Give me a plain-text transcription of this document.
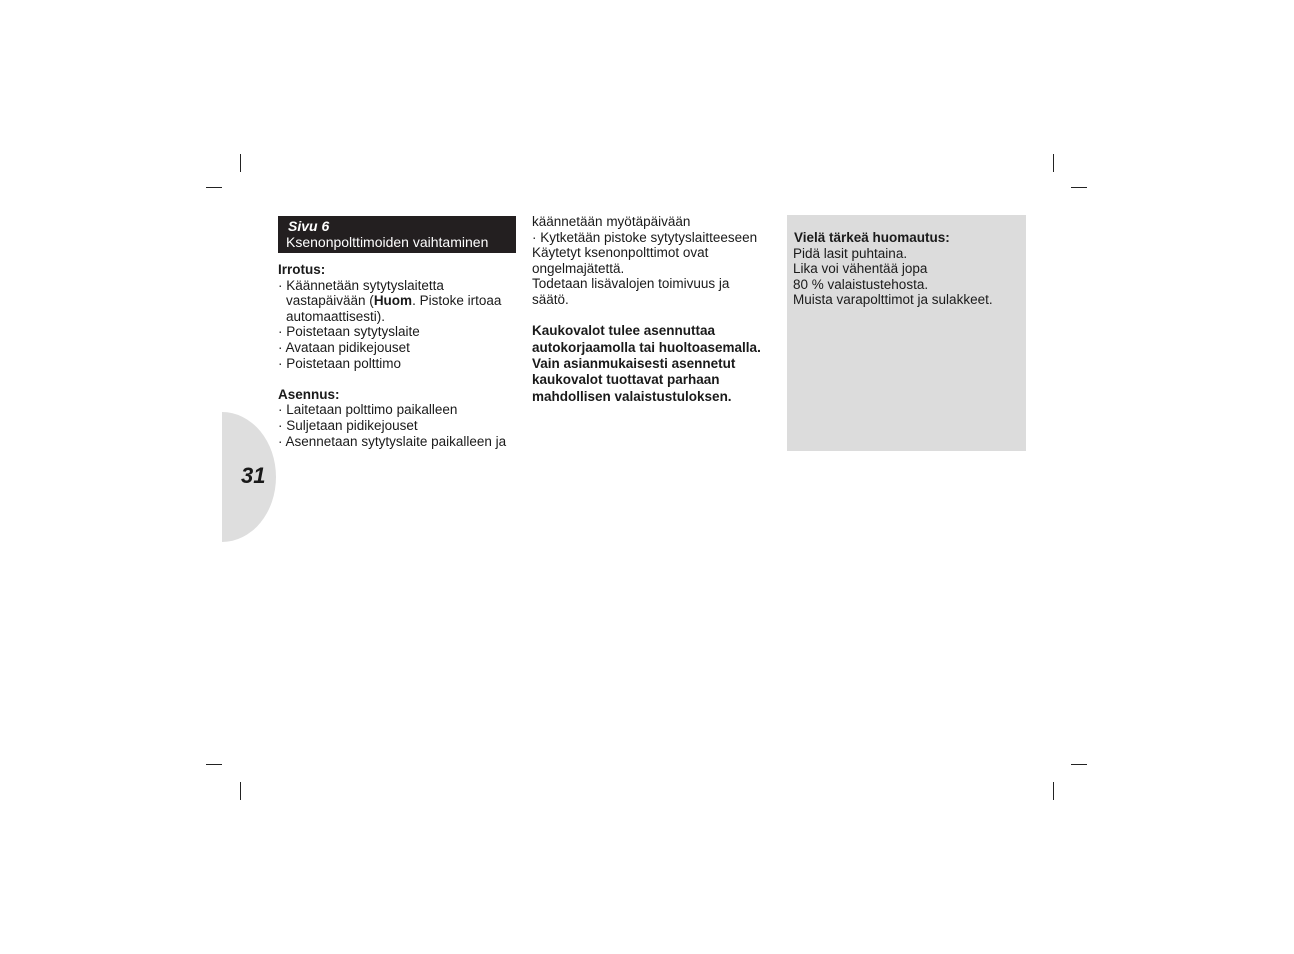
31
Sivu 6
Ksenonpolttimoiden vaihtaminen
Irrotus:
· Käännetään sytytyslaitetta
vastapäivään (Huom. Pistoke irtoaa
automaattisesti).
· Poistetaan sytytyslaite
· Avataan pidikejouset
· Poistetaan polttimo
Asennus:
· Laitetaan polttimo paikalleen
· Suljetaan pidikejouset
· Asennetaan sytytyslaite paikalleen ja
käännetään myötäpäivään
· Kytketään pistoke sytytyslaitteeseen
Käytetyt ksenonpolttimot ovat
ongelmajätettä.
Todetaan lisävalojen toimivuus ja
säätö.
Kaukovalot tulee asennuttaa
autokorjaamolla tai huoltoasemalla.
Vain asianmukaisesti asennetut
kaukovalot tuottavat parhaan
mahdollisen valaistustuloksen.
Vielä tärkeä huomautus:
Pidä lasit puhtaina.
Lika voi vähentää jopa
80 % valaistustehosta.
Muista varapolttimot ja sulakkeet.
